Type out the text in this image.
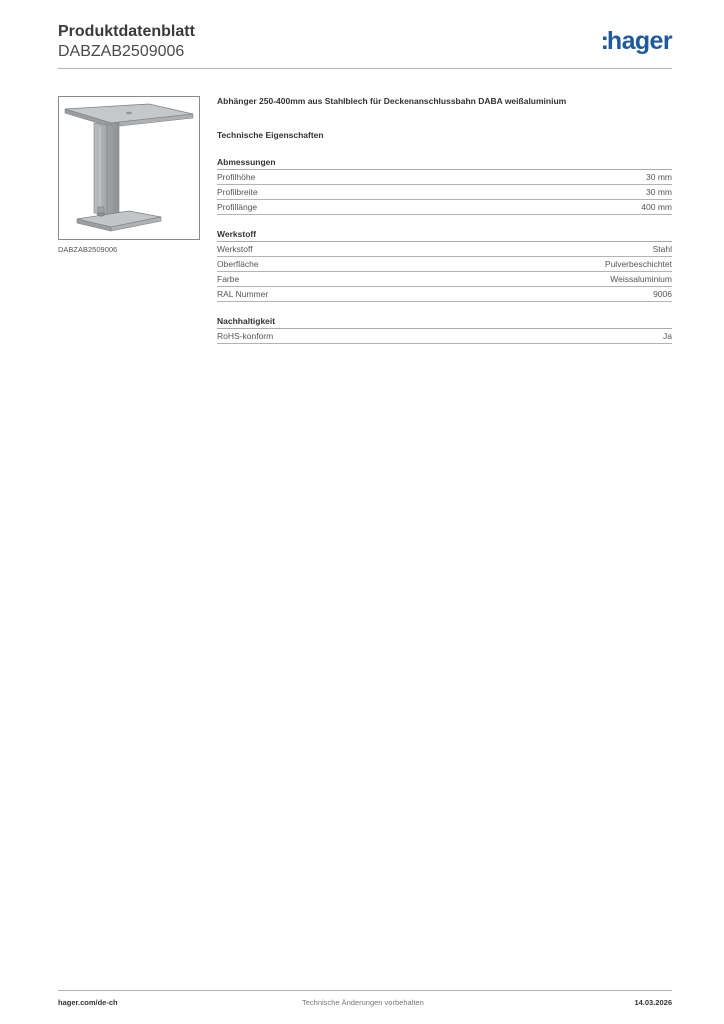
Produktdatenblatt
DABZAB2509006	:hager
DABZAB2509006
Abhänger 250-400mm aus Stahlblech für Deckenanschlussbahn DABA weißaluminium
Technische Eigenschaften
Abmessungen
Profilhöhe	30 mm
Profilbreite	30 mm
Profillänge	400 mm
Werkstoff
Werkstoff	Stahl
Oberfläche	Pulverbeschichtet
Farbe	Weissaluminium
RAL Nummer	9006
Nachhaltigkeit
RoHS-konform	Ja
hager.com/de-ch	Technische Änderungen vorbehalten	14.03.2026
